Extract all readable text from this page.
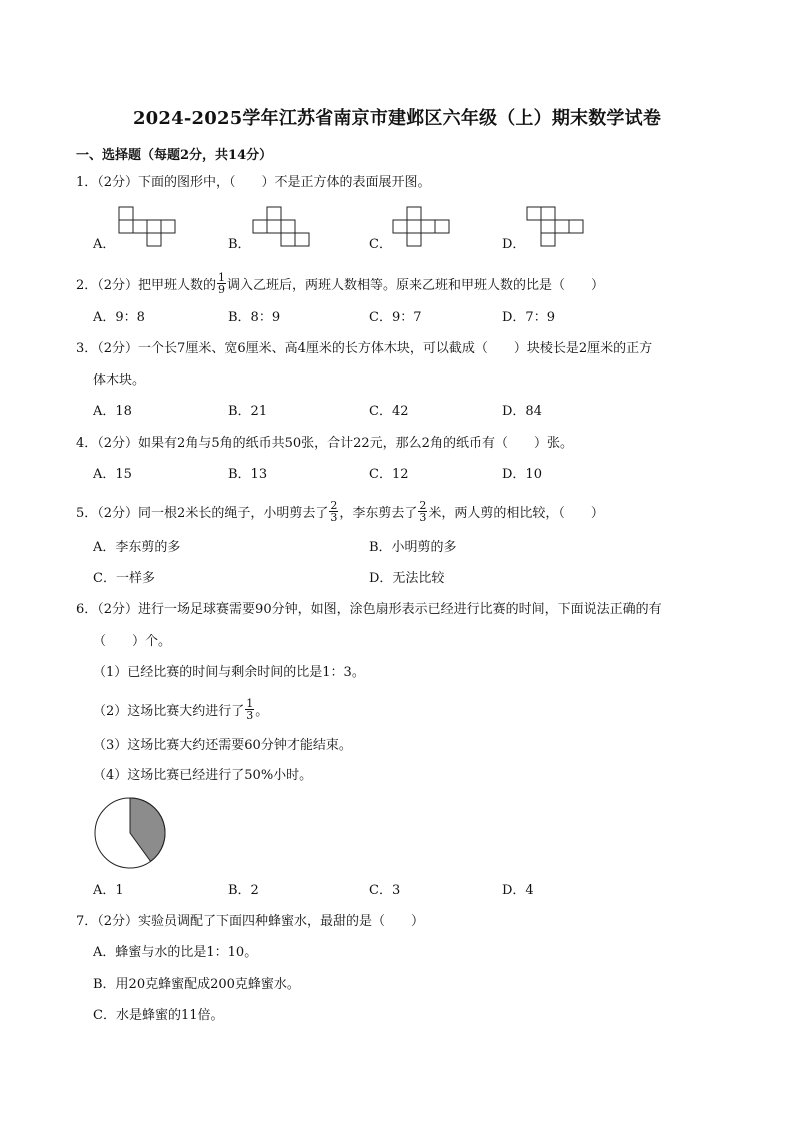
2024-2025学年江苏省南京市建邺区六年级（上）期末数学试卷
一、选择题（每题2分，共14分）
1．（2分）下面的图形中，（　　）不是正方体的表面展开图。
A．	B．	C．	D．
2．（2分）把甲班人数的 $\frac{1}{9}$ 调入乙班后，两班人数相等。原来乙班和甲班人数的比是（　　）
A．9：8	B．8：9	C．9：7	D．7：9
3．（2分）一个长7厘米、宽6厘米、高4厘米的长方体木块，可以截成（　　）块棱长是2厘米的正方
体木块。
A．18	B．21	C．42	D．84
4．（2分）如果有2角与5角的纸币共50张，合计22元，那么2角的纸币有（　　）张。
A．15	B．13	C．12	D．10
5．（2分）同一根2米长的绳子，小明剪去了 $\frac{2}{3}$ ，李东剪去了 $\frac{2}{3}$ 米，两人剪的相比较，（　　）
A．李东剪的多	B．小明剪的多
C．一样多	D．无法比较
6．（2分）进行一场足球赛需要90分钟，如图，涂色扇形表示已经进行比赛的时间，下面说法正确的有
（　　）个。
（1）已经比赛的时间与剩余时间的比是1：3。
（2）这场比赛大约进行了 $\frac{1}{3}$ 。
（3）这场比赛大约还需要60分钟才能结束。
（4）这场比赛已经进行了50%小时。
A．1	B．2	C．3	D．4
7．（2分）实验员调配了下面四种蜂蜜水，最甜的是（　　）
A．蜂蜜与水的比是1：10。
B．用20克蜂蜜配成200克蜂蜜水。
C．水是蜂蜜的11倍。
